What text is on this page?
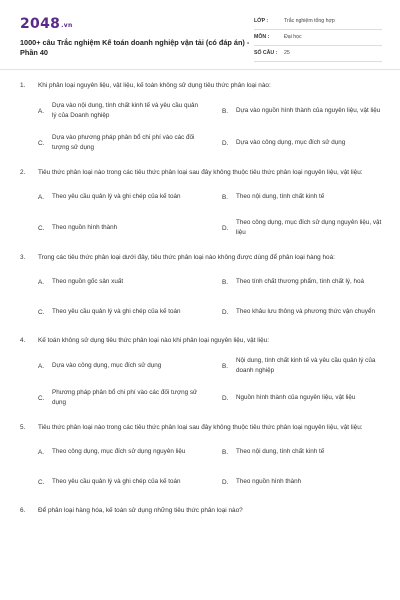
2048.vn
1000+ câu Trắc nghiệm Kế toán doanh nghiệp vận tải (có đáp án) - Phần 40
LỚP :	Trắc nghiệm tổng hợp
MÔN :	Đại học
SỐ CÂU : 25
1. Khi phân loại nguyên liệu, vật liệu, kế toán không sử dụng tiêu thức phân loại nào:
A.
Dựa vào nội dung, tính chất kinh tế và yêu cầu quản lý của Doanh nghiệp
B.	Dựa vào nguồn hình thành của nguyên liệu, vật liệu
C.
Dựa vào phương pháp phân bổ chi phí vào các đối tượng sử dụng
D.	Dựa vào công dụng, mục đích sử dụng
2. Tiêu thức phân loại nào trong các tiêu thức phân loại sau đây không thuộc tiêu thức phân loại nguyên liệu, vật liệu:
A.	Theo yêu cầu quản lý và ghi chép của kế toán	B.	Theo nội dung, tính chất kinh tế
C.	Theo nguồn hình thành	D.
Theo công dụng, mục đích sử dụng nguyên liệu, vật liệu
3. Trong các tiêu thức phân loại dưới đây, tiêu thức phân loại nào không được dùng để phân loại hàng hoá:
A.	Theo nguồn gốc sản xuất	B.	Theo tính chất thương phẩm, tính chất lý, hoá
C.	Theo yêu cầu quản lý và ghi chép của kế toán	D.	Theo khâu lưu thông và phương thức vận chuyển
4. Kế toán không sử dụng tiêu thức phân loại nào khi phân loại nguyên liệu, vật liệu:
A.	Dựa vào công dụng, mục đích sử dụng	B.
Nội dung, tính chất kinh tế và yêu cầu quản lý của doanh nghiệp
C.
Phương pháp phân bổ chi phí vào các đối tượng sử dụng
D.	Nguồn hình thành của nguyên liệu, vật liệu
5. Tiêu thức phân loại nào trong các tiêu thức phân loại sau đây không thuộc tiêu thức phân loại nguyên liệu, vật liệu:
A.	Theo công dụng, mục đích sử dụng nguyên liệu	B.	Theo nội dung, tính chất kinh tế
C.	Theo yêu cầu quản lý và ghi chép của kế toán	D.	Theo nguồn hình thành
6. Để phân loại hàng hóa, kế toán sử dụng những tiêu thức phân loại nào?
